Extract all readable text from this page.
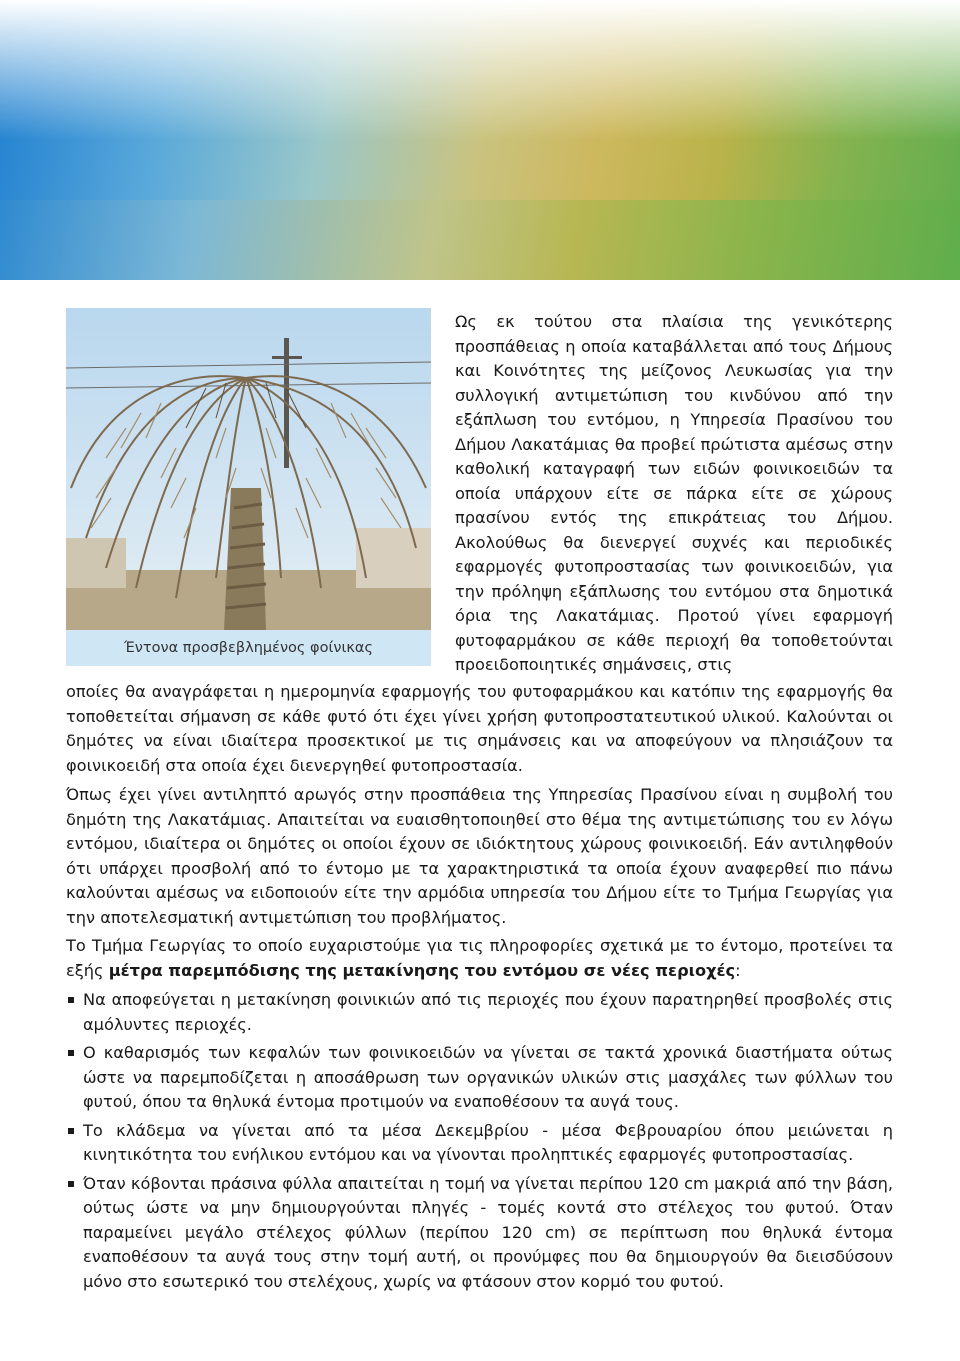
Έντονα προσβεβλημένος φοίνικας

Ως εκ τούτου στα πλαίσια της γενικότερης προσπάθειας η οποία καταβάλλεται από τους Δήμους και Κοινότητες της μείζονος Λευκωσίας για την συλλογική αντιμετώπιση του κινδύνου από την εξάπλωση του εντόμου, η Υπηρεσία Πρασίνου του Δήμου Λακατάμιας θα προβεί πρώτιστα αμέσως στην καθολική καταγραφή των ειδών φοινικοειδών τα οποία υπάρχουν είτε σε πάρκα είτε σε χώρους πρασίνου εντός της επικράτειας του Δήμου. Ακολούθως θα διενεργεί συχνές και περιοδικές εφαρμογές φυτοπροστασίας των φοινικοειδών, για την πρόληψη εξάπλωσης του εντόμου στα δημοτικά όρια της Λακατάμιας. Προτού γίνει εφαρμογή φυτοφαρμάκου σε κάθε περιοχή θα τοποθετούνται προειδοποιητικές σημάνσεις, στις

οποίες θα αναγράφεται η ημερομηνία εφαρμογής του φυτοφαρμάκου και κατόπιν της εφαρμογής θα τοποθετείται σήμανση σε κάθε φυτό ότι έχει γίνει χρήση φυτοπροστατευτικού υλικού. Καλούνται οι δημότες να είναι ιδιαίτερα προσεκτικοί με τις σημάνσεις και να αποφεύγουν να πλησιάζουν τα φοινικοειδή στα οποία έχει διενεργηθεί φυτοπροστασία.

Όπως έχει γίνει αντιληπτό αρωγός στην προσπάθεια της Υπηρεσίας Πρασίνου είναι η συμβολή του δημότη της Λακατάμιας. Απαιτείται να ευαισθητοποιηθεί στο θέμα της αντιμετώπισης του εν λόγω εντόμου, ιδιαίτερα οι δημότες οι οποίοι έχουν σε ιδιόκτητους χώρους φοινικοειδή. Εάν αντιληφθούν ότι υπάρχει προσβολή από το έντομο με τα χαρακτηριστικά τα οποία έχουν αναφερθεί πιο πάνω καλούνται αμέσως να ειδοποιούν είτε την αρμόδια υπηρεσία του Δήμου είτε το Τμήμα Γεωργίας για την αποτελεσματική αντιμετώπιση του προβλήματος.

Το Τμήμα Γεωργίας το οποίο ευχαριστούμε για τις πληροφορίες σχετικά με το έντομο, προτείνει τα εξής μέτρα παρεμπόδισης της μετακίνησης του εντόμου σε νέες περιοχές:

Να αποφεύγεται η μετακίνηση φοινικιών από τις περιοχές που έχουν παρατηρηθεί προσβολές στις αμόλυντες περιοχές.
Ο καθαρισμός των κεφαλών των φοινικοειδών να γίνεται σε τακτά χρονικά διαστήματα ούτως ώστε να παρεμποδίζεται η αποσάθρωση των οργανικών υλικών στις μασχάλες των φύλλων του φυτού, όπου τα θηλυκά έντομα προτιμούν να εναποθέσουν τα αυγά τους.
Το κλάδεμα να γίνεται από τα μέσα Δεκεμβρίου - μέσα Φεβρουαρίου όπου μειώνεται η κινητικότητα του ενήλικου εντόμου και να γίνονται προληπτικές εφαρμογές φυτοπροστασίας.
Όταν κόβονται πράσινα φύλλα απαιτείται η τομή να γίνεται περίπου 120 cm μακριά από την βάση, ούτως ώστε να μην δημιουργούνται πληγές - τομές κοντά στο στέλεχος του φυτού. Όταν παραμείνει μεγάλο στέλεχος φύλλων (περίπου 120 cm) σε περίπτωση που θηλυκά έντομα εναποθέσουν τα αυγά τους στην τομή αυτή, οι προνύμφες που θα δημιουργούν θα διεισδύσουν μόνο στο εσωτερικό του στελέχους, χωρίς να φτάσουν στον κορμό του φυτού.
